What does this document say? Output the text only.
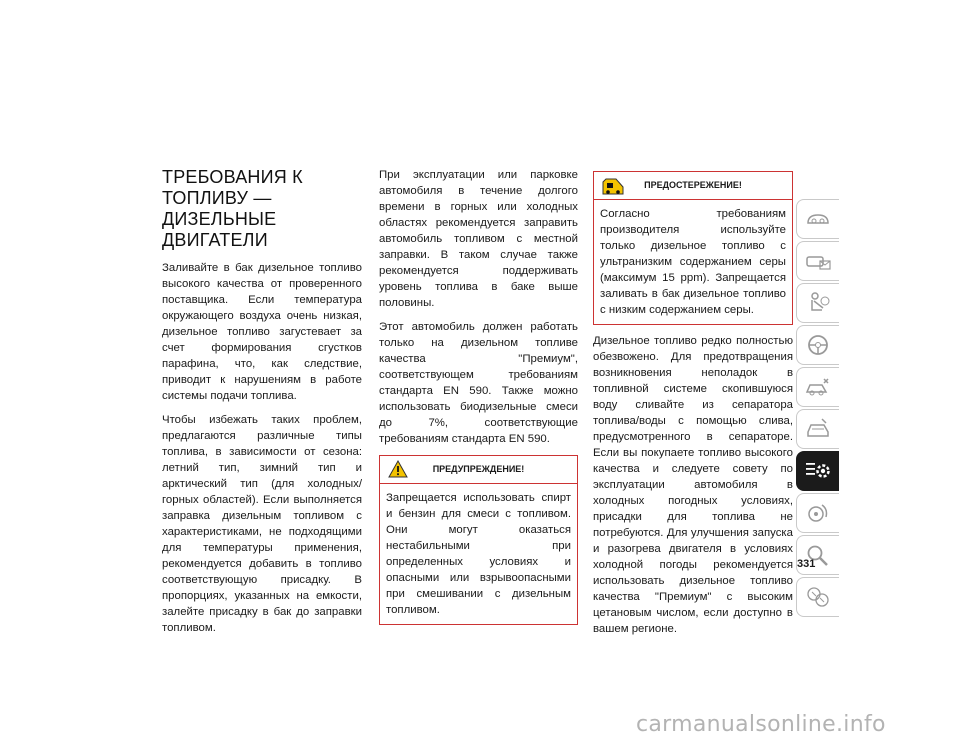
ТРЕБОВАНИЯ К
ТОПЛИВУ — ДИЗЕЛЬНЫЕ
ДВИГАТЕЛИ

Заливайте в бак дизельное топливо высокого качества от проверенного поставщика. Если температура окружающего воздуха очень низкая, дизельное топливо загустевает за счет формирования сгустков парафина, что, как следствие, приводит к нарушениям в работе системы подачи топлива.

Чтобы избежать таких проблем, предлагаются различные типы топлива, в зависимости от сезона: летний тип, зимний тип и арктический тип (для холодных/горных областей). Если выполняется заправка дизельным топливом с характеристиками, не подходящими для температуры применения, рекомендуется добавить в топливо соответствующую присадку. В пропорциях, указанных на емкости, залейте присадку в бак до заправки топливом.

При эксплуатации или парковке автомобиля в течение долгого времени в горных или холодных областях рекомендуется заправить автомобиль топливом с местной заправки. В таком случае также рекомендуется поддерживать уровень топлива в баке выше половины.

Этот автомобиль должен работать только на дизельном топливе качества "Премиум", соответствующем требованиям стандарта EN 590. Также можно использовать биодизельные смеси до 7%, соответствующие требованиям стандарта EN 590.

ПРЕДУПРЕЖДЕНИЕ!
Запрещается использовать спирт и бензин для смеси с топливом. Они могут оказаться нестабильными при определенных условиях и опасными или взрывоопасными при смешивании с дизельным топливом.
ПРЕДОСТЕРЕЖЕНИЕ!
Согласно требованиям производителя используйте только дизельное топливо с ультранизким содержанием серы (максимум 15 ppm). Запрещается заливать в бак дизельное топливо с низким содержанием серы.

Дизельное топливо редко полностью обезвожено. Для предотвращения возникновения неполадок в топливной системе скопившуюся воду сливайте из сепаратора топлива/воды с помощью слива, предусмотренного в сепараторе. Если вы покупаете топливо высокого качества и следуете совету по эксплуатации автомобиля в холодных погодных условиях, присадки для топлива не потребуются. Для улучшения запуска и разогрева двигателя в условиях холодной погоды рекомендуется использовать дизельное топливо качества "Премиум" с высоким цетановым числом, если доступно в вашем регионе.

331
carmanualsonline.info
